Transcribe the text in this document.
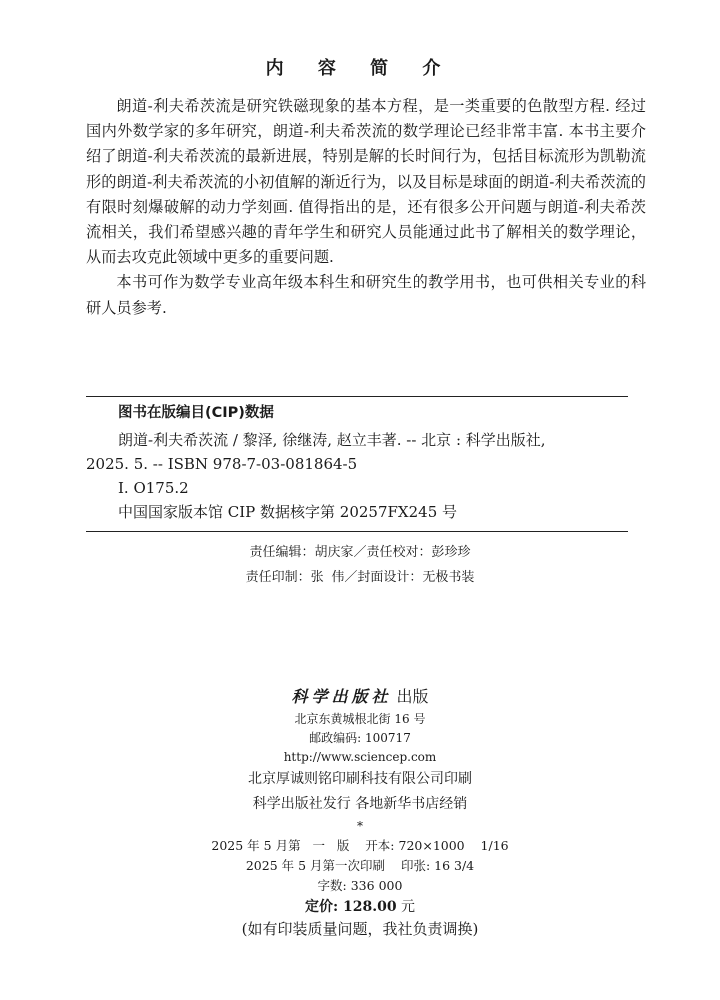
内 容 简 介

朗道-利夫希茨流是研究铁磁现象的基本方程，是一类重要的色散型方程. 经过国内外数学家的多年研究，朗道-利夫希茨流的数学理论已经非常丰富. 本书主要介绍了朗道-利夫希茨流的最新进展，特别是解的长时间行为，包括目标流形为凯勒流形的朗道-利夫希茨流的小初值解的渐近行为，以及目标是球面的朗道-利夫希茨流的有限时刻爆破解的动力学刻画. 值得指出的是，还有很多公开问题与朗道-利夫希茨流相关，我们希望感兴趣的青年学生和研究人员能通过此书了解相关的数学理论，从而去攻克此领域中更多的重要问题.

本书可作为数学专业高年级本科生和研究生的教学用书，也可供相关专业的科研人员参考.

图书在版编目(CIP)数据
朗道-利夫希茨流 / 黎泽, 徐继涛, 赵立丰著. -- 北京 : 科学出版社,
2025. 5. -- ISBN 978-7-03-081864-5
Ⅰ. O175.2
中国国家版本馆 CIP 数据核字第 20257FX245 号
责任编辑：胡庆家／责任校对：彭珍珍
责任印制：张 伟／封面设计：无极书装
科学出版社 出版
北京东黄城根北街 16 号
邮政编码: 100717
http://www.sciencep.com
北京厚诚则铭印刷科技有限公司印刷
科学出版社发行 各地新华书店经销
*
2025 年 5 月第   一   版    开本: 720×1000    1/16
2025 年 5 月第一次印刷    印张: 16 3/4
字数: 336 000
定价: 128.00 元
(如有印装质量问题，我社负责调换)
